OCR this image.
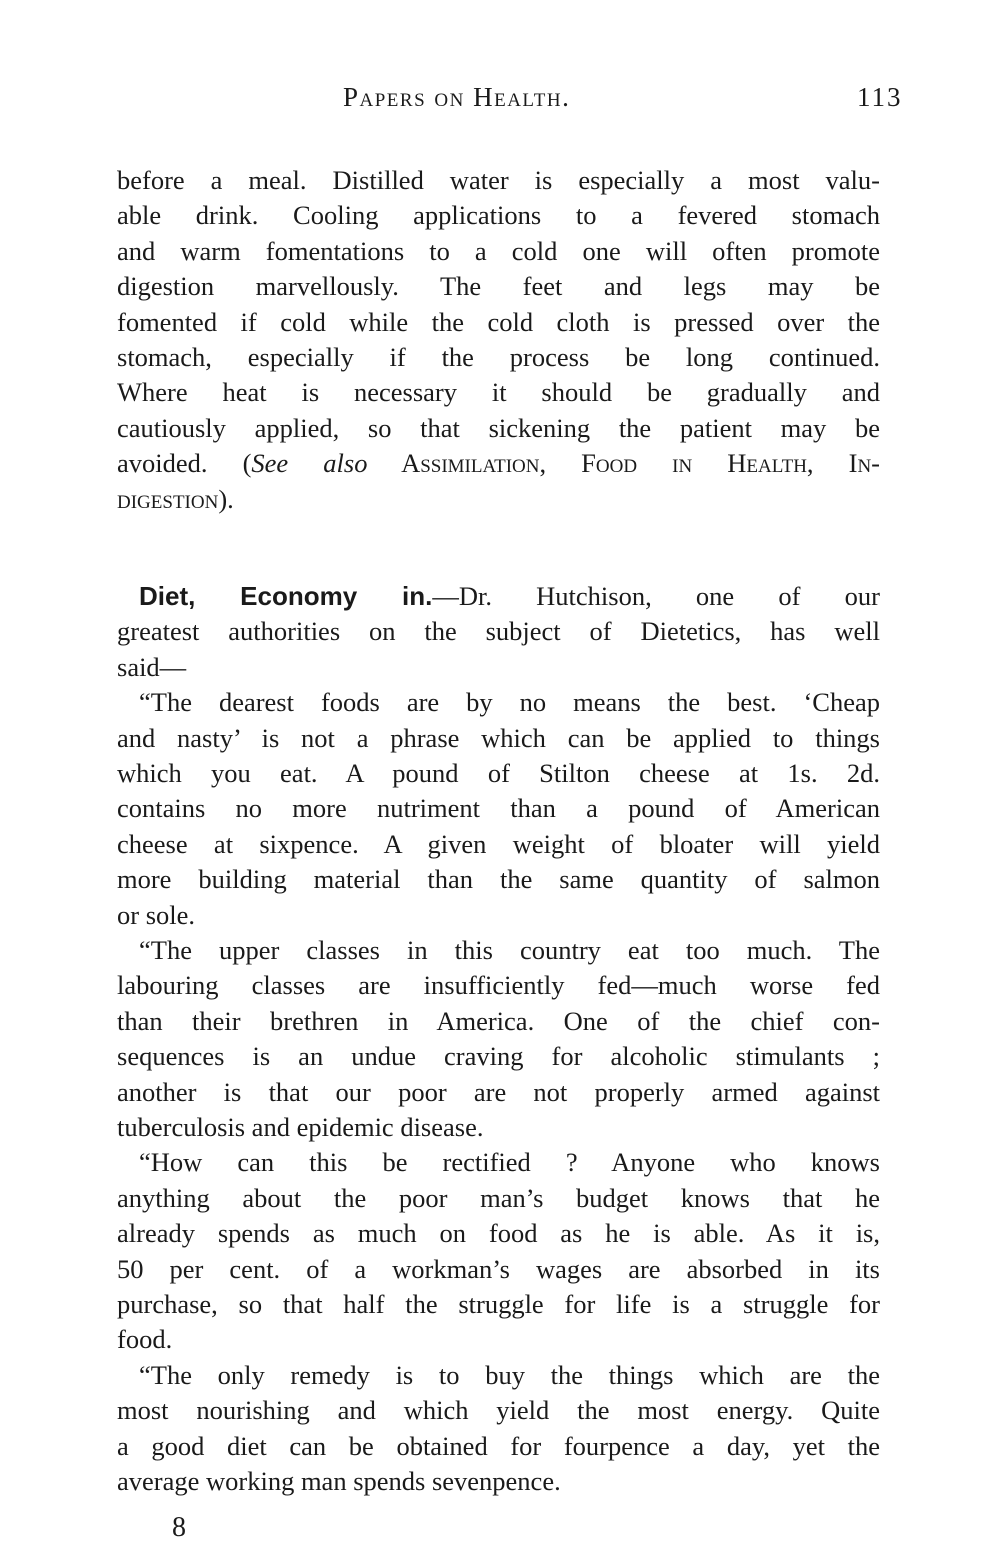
Papers on Health.	113
before a meal. Distilled water is especially a most valu-
able drink. Cooling applications to a fevered stomach
and warm fomentations to a cold one will often promote
digestion marvellously. The feet and legs may be
fomented if cold while the cold cloth is pressed over the
stomach, especially if the process be long continued.
Where heat is necessary it should be gradually and
cautiously applied, so that sickening the patient may be
avoided. (See also Assimilation, Food in Health, In-
digestion).
Diet, Economy in.—Dr. Hutchison, one of our
greatest authorities on the subject of Dietetics, has well
said—
“The dearest foods are by no means the best. ‘Cheap
and nasty’ is not a phrase which can be applied to things
which you eat. A pound of Stilton cheese at 1s. 2d.
contains no more nutriment than a pound of American
cheese at sixpence. A given weight of bloater will yield
more building material than the same quantity of salmon
or sole.
“The upper classes in this country eat too much. The
labouring classes are insufficiently fed—much worse fed
than their brethren in America. One of the chief con-
sequences is an undue craving for alcoholic stimulants ;
another is that our poor are not properly armed against
tuberculosis and epidemic disease.
“How can this be rectified ? Anyone who knows
anything about the poor man’s budget knows that he
already spends as much on food as he is able. As it is,
50 per cent. of a workman’s wages are absorbed in its
purchase, so that half the struggle for life is a struggle for
food.
“The only remedy is to buy the things which are the
most nourishing and which yield the most energy. Quite
a good diet can be obtained for fourpence a day, yet the
average working man spends sevenpence.
8
